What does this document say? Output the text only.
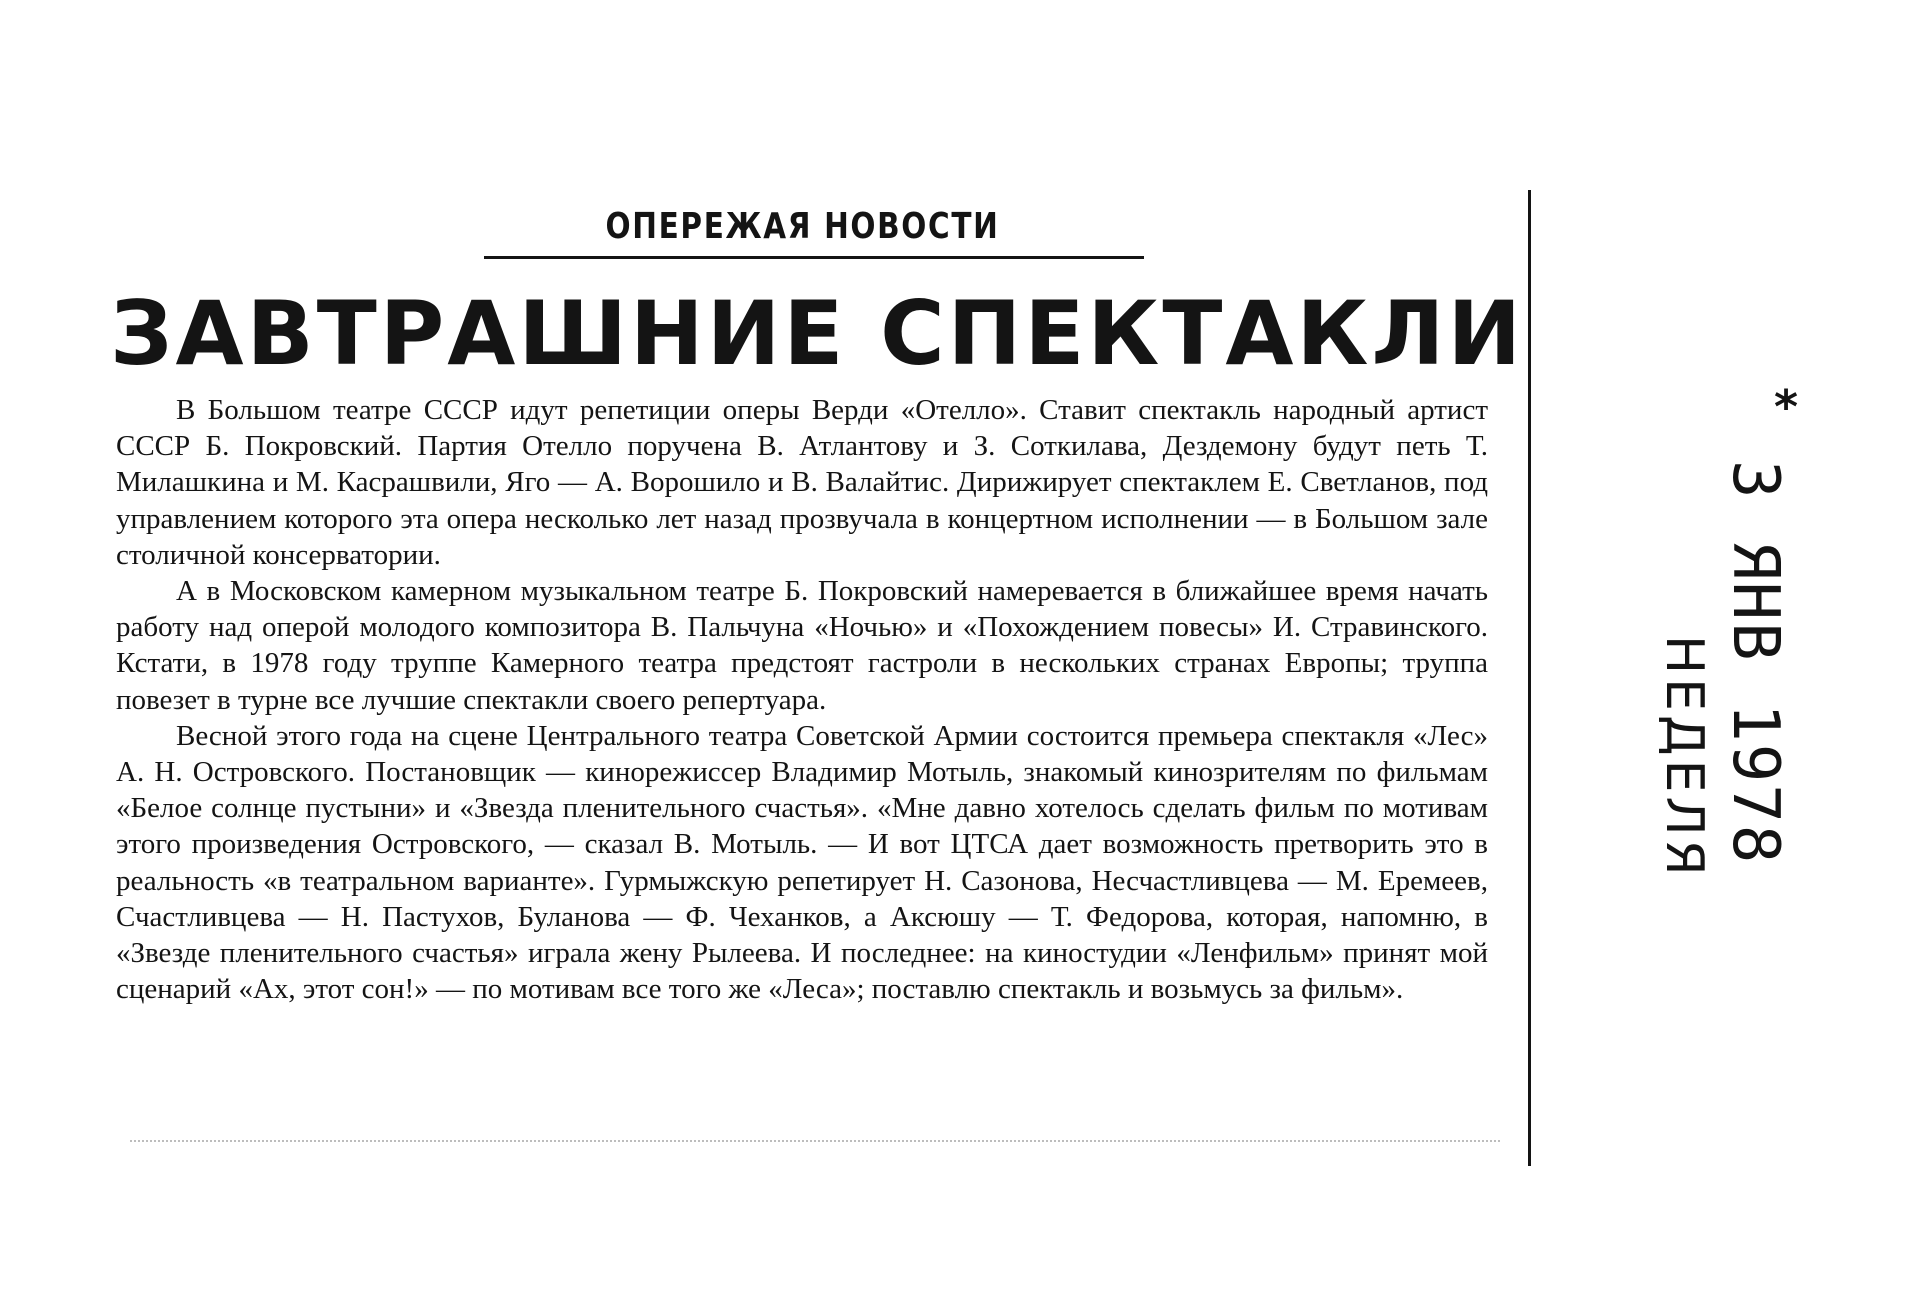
ОПЕРЕЖАЯ НОВОСТИ
ЗАВТРАШНИЕ СПЕКТАКЛИ

В Большом театре СССР идут репетиции оперы Верди «Отелло». Ставит спектакль народный артист СССР Б. Покровский. Партия Отелло поручена В. Атлантову и З. Соткилава, Дездемону будут петь Т. Милашкина и М. Касрашвили, Яго — А. Ворошило и В. Валайтис. Дирижирует спектаклем Е. Светланов, под управлением которого эта опера несколько лет назад прозвучала в концертном исполнении — в Большом зале столичной консерватории.

А в Московском камерном музыкальном театре Б. Покровский намеревается в ближайшее время начать работу над оперой молодого композитора В. Пальчуна «Ночью» и «Похождением повесы» И. Стравинского. Кстати, в 1978 году труппе Камерного театра предстоят гастроли в нескольких странах Европы; труппа повезет в турне все лучшие спектакли своего репертуара.

Весной этого года на сцене Центрального театра Советской Армии состоится премьера спектакля «Лес» А. Н. Островского. Постановщик — кинорежиссер Владимир Мотыль, знакомый кинозрителям по фильмам «Белое солнце пустыни» и «Звезда пленительного счастья». «Мне давно хотелось сделать фильм по мотивам этого произведения Островского, — сказал В. Мотыль. — И вот ЦТСА дает возможность претворить это в реальность «в театральном варианте». Гурмыжскую репетирует Н. Сазонова, Несчастливцева — М. Еремеев, Счастливцева — Н. Пастухов, Буланова — Ф. Чеханков, а Аксюшу — Т. Федорова, которая, напомню, в «Звезде пленительного счастья» играла жену Рылеева. И последнее: на киностудии «Ленфильм» принят мой сценарий «Ах, этот сон!» — по мотивам все того же «Леса»; поставлю спектакль и возьмусь за фильм».

*
3 ЯНВ 1978
НЕДЕЛЯ
